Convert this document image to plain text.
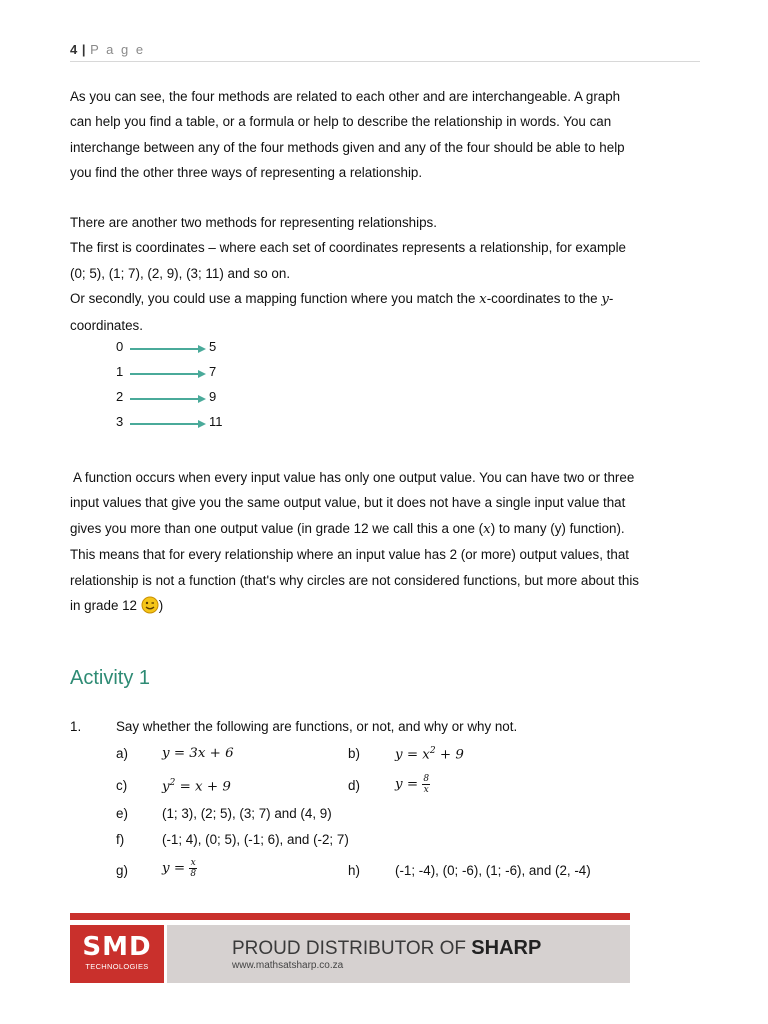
4 | P a g e
As you can see, the four methods are related to each other and are interchangeable. A graph
can help you find a table, or a formula or help to describe the relationship in words. You can
interchange between any of the four methods given and any of the four should be able to help
you find the other three ways of representing a relationship.
There are another two methods for representing relationships.
The first is coordinates – where each set of coordinates represents a relationship, for example
(0; 5), (1; 7), (2, 9), (3; 11) and so on.
Or secondly, you could use a mapping function where you match the x-coordinates to the y-
coordinates.
0	5
1	7
2	9
3	11
A function occurs when every input value has only one output value. You can have two or three
input values that give you the same output value, but it does not have a single input value that
gives you more than one output value (in grade 12 we call this a one (x) to many (y) function).
This means that for every relationship where an input value has 2 (or more) output values, that
relationship is not a function (that's why circles are not considered functions, but more about this
in grade 12 )
Activity 1
1.	Say whether the following are functions, or not, and why or why not.
a)	y = 3x + 6	b)	$y = x^2 + 9$
c)	$y^2 = x + 9$	d)	$y = \frac{8}{x}$
e)	(1; 3), (2; 5), (3; 7) and (4, 9)
f)	(-1; 4), (0; 5), (-1; 6), and (-2; 7)
g)	$y = \frac{x}{8}$	h)	(-1; -4), (0; -6), (1; -6), and (2, -4)
SMD
TECHNOLOGIES
PROUD DISTRIBUTOR OF SHARP
www.mathsatsharp.co.za
